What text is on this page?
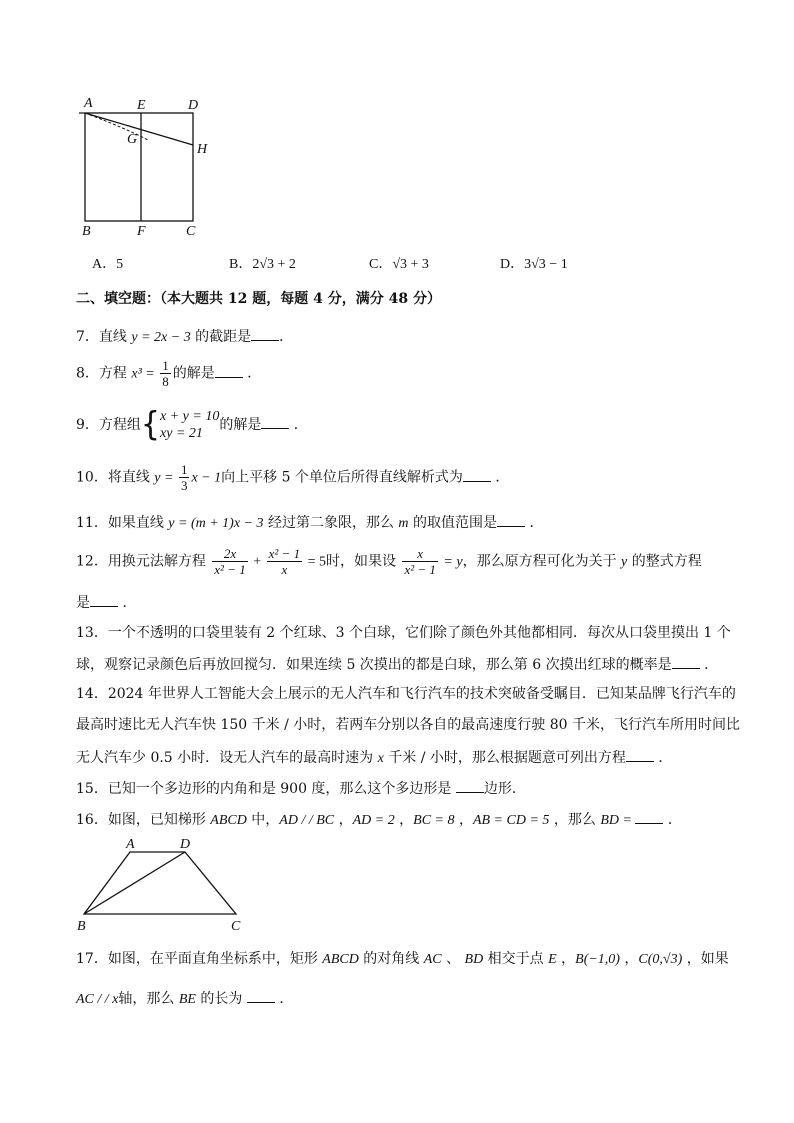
A	E	D
G
H
B	F	C
A．5	B．2√3 + 2	C．√3 + 3	D．3√3 − 1
二、填空题：（本大题共 12 题，每题 4 分，满分 48 分）
7．直线 y = 2x − 3 的截距是 ．
8．方程 $x^3 = \frac{1}{8}$ 的解是 ．
9．方程组{ x + y = 10
xy = 21
的解是 ．
10．将直线 $y = \frac{1}{3}$ x − 1向上平移 5 个单位后所得直线解析式为 ．
11．如果直线 y = (m + 1)x − 3 经过第二象限，那么 m 的取值范围是 ．
12．用换元法解方程 $\frac{2x}{\text{x² − 1}} + \frac{\text{x² − 1}}{x} = 5$时，如果设 $\frac{x}{\text{x² − 1}} = y$，那么原方程可化为关于 y 的整式方程
是 ．
13．一个不透明的口袋里装有 2 个红球、3 个白球，它们除了颜色外其他都相同．每次从口袋里摸出 1 个
球，观察记录颜色后再放回搅匀．如果连续 5 次摸出的都是白球，那么第 6 次摸出红球的概率是 ．
14．2024 年世界人工智能大会上展示的无人汽车和飞行汽车的技术突破备受瞩目．已知某品牌飞行汽车的
最高时速比无人汽车快 150 千米 / 小时，若两车分别以各自的最高速度行驶 80 千米，飞行汽车所用时间比
无人汽车少 0.5 小时．设无人汽车的最高时速为 x 千米 / 小时，那么根据题意可列出方程 ．
15．已知一个多边形的内角和是 900 度，那么这个多边形是 边形．
16．如图，已知梯形 ABCD 中，AD / / BC ，AD = 2 ，BC = 8 ，AB = CD = 5 ，那么 BD =  ．
A	D
B	C
17．如图，在平面直角坐标系中，矩形 ABCD 的对角线 AC 、 BD 相交于点 E ，B(−1,0) ，C(0,√3) ，如果
AC / / x轴，那么 BE 的长为  ．
